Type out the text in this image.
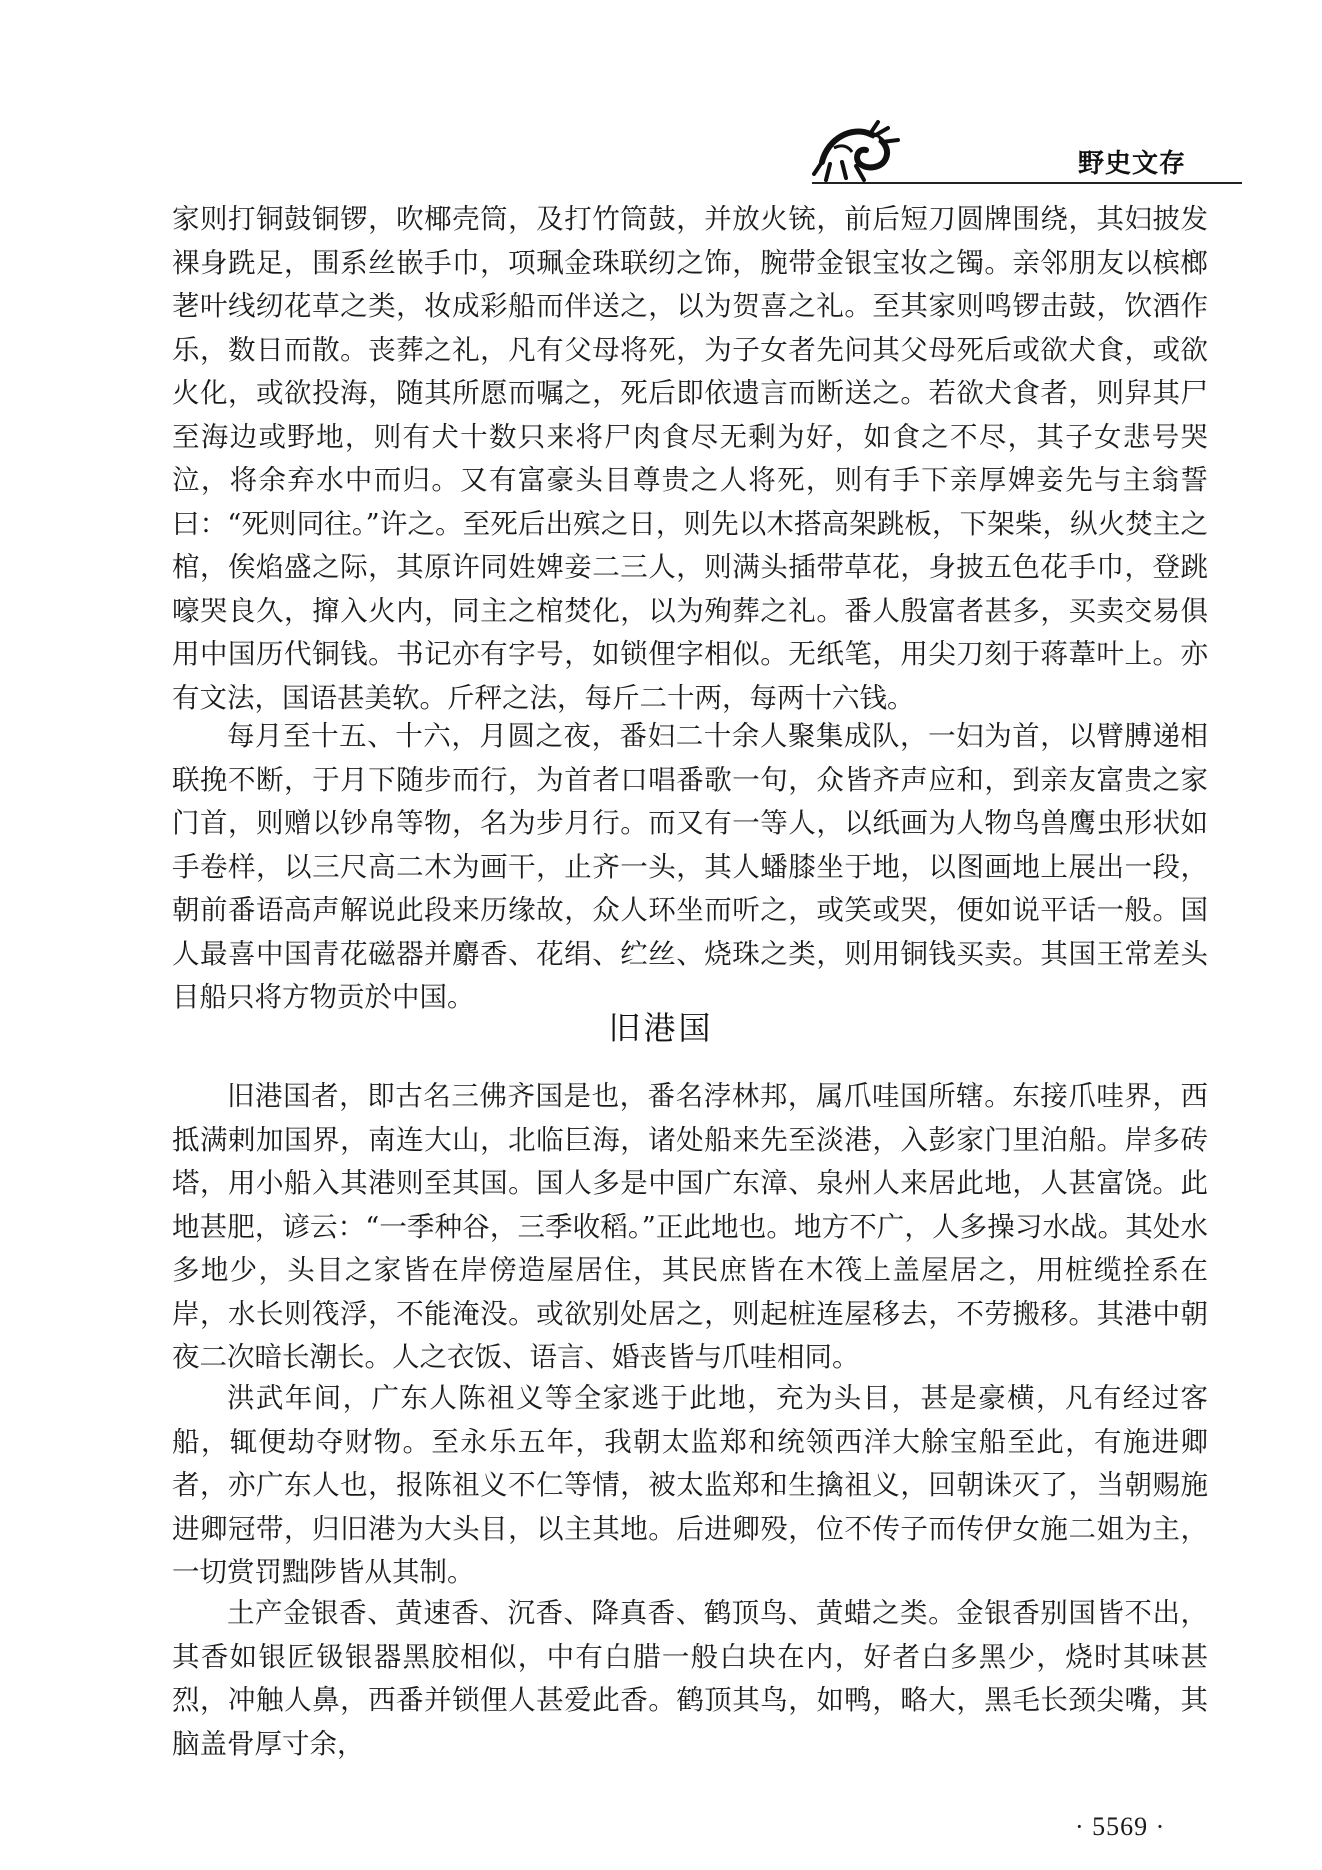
野史文存

家则打铜鼓铜锣，吹椰壳筒，及打竹筒鼓，并放火铳，前后短刀圆牌围绕，其妇披发裸身跣足，围系丝嵌手巾，项珮金珠联纫之饰，腕带金银宝妆之镯。亲邻朋友以槟榔荖叶线纫花草之类，妆成彩船而伴送之，以为贺喜之礼。至其家则鸣锣击鼓，饮酒作乐，数日而散。丧葬之礼，凡有父母将死，为子女者先问其父母死后或欲犬食，或欲火化，或欲投海，随其所愿而嘱之，死后即依遗言而断送之。若欲犬食者，则舁其尸至海边或野地，则有犬十数只来将尸肉食尽无剩为好，如食之不尽，其子女悲号哭泣，将余弃水中而归。又有富豪头目尊贵之人将死，则有手下亲厚婢妾先与主翁誓曰：“死则同往。”许之。至死后出殡之日，则先以木搭高架跳板，下架柴，纵火焚主之棺，俟焰盛之际，其原许同姓婢妾二三人，则满头插带草花，身披五色花手巾，登跳嚎哭良久，撺入火内，同主之棺焚化，以为殉葬之礼。番人殷富者甚多，买卖交易俱用中国历代铜钱。书记亦有字号，如锁俚字相似。无纸笔，用尖刀刻于蒋葦叶上。亦有文法，国语甚美软。斤秤之法，每斤二十两，每两十六钱。

每月至十五、十六，月圆之夜，番妇二十余人聚集成队，一妇为首，以臂膊递相联挽不断，于月下随步而行，为首者口唱番歌一句，众皆齐声应和，到亲友富贵之家门首，则赠以钞帛等物，名为步月行。而又有一等人，以纸画为人物鸟兽鹰虫形状如手卷样，以三尺高二木为画干，止齐一头，其人蟠膝坐于地，以图画地上展出一段，朝前番语高声解说此段来历缘故，众人环坐而听之，或笑或哭，便如说平话一般。国人最喜中国青花磁器并麝香、花绢、纻丝、烧珠之类，则用铜钱买卖。其国王常差头目船只将方物贡於中国。

旧港国

旧港国者，即古名三佛齐国是也，番名浡林邦，属爪哇国所辖。东接爪哇界，西抵满剌加国界，南连大山，北临巨海，诸处船来先至淡港，入彭家门里泊船。岸多砖塔，用小船入其港则至其国。国人多是中国广东漳、泉州人来居此地，人甚富饶。此地甚肥，谚云：“一季种谷，三季收稻。”正此地也。地方不广，人多操习水战。其处水多地少，头目之家皆在岸傍造屋居住，其民庶皆在木筏上盖屋居之，用桩缆拴系在岸，水长则筏浮，不能淹没。或欲别处居之，则起桩连屋移去，不劳搬移。其港中朝夜二次暗长潮长。人之衣饭、语言、婚丧皆与爪哇相同。

洪武年间，广东人陈祖义等全家逃于此地，充为头目，甚是豪横，凡有经过客船，辄便劫夺财物。至永乐五年，我朝太监郑和统领西洋大艅宝船至此，有施进卿者，亦广东人也，报陈祖义不仁等情，被太监郑和生擒祖义，回朝诛灭了，当朝赐施进卿冠带，归旧港为大头目，以主其地。后进卿殁，位不传子而传伊女施二姐为主，一切赏罚黜陟皆从其制。

土产金银香、黄速香、沉香、降真香、鹤顶鸟、黄蜡之类。金银香别国皆不出，其香如银匠钑银器黑胶相似，中有白腊一般白块在内，好者白多黑少，烧时其味甚烈，冲触人鼻，西番并锁俚人甚爱此香。鹤顶其鸟，如鸭，略大，黑毛长颈尖嘴，其脑盖骨厚寸余，

· 5569 ·
